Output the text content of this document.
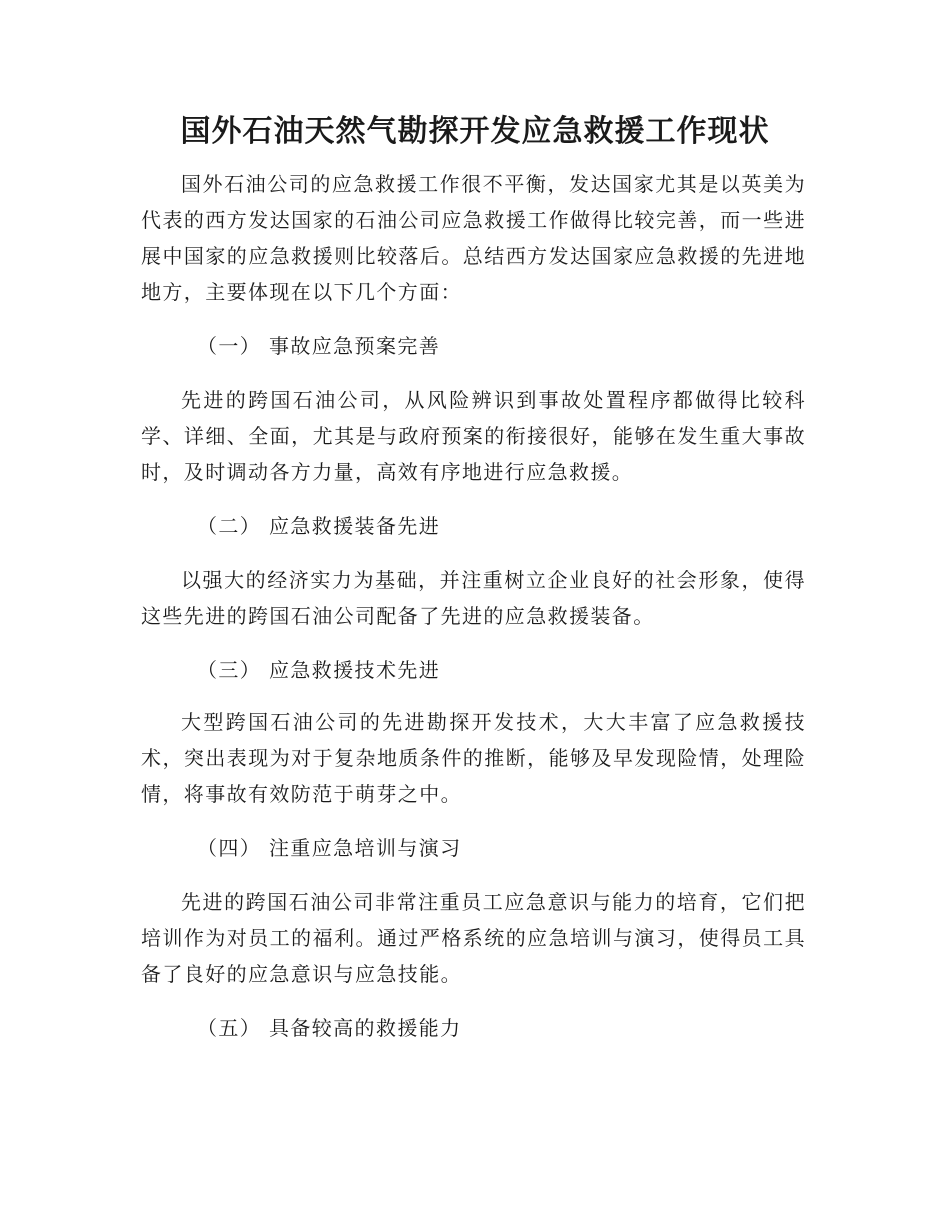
国外石油天然气勘探开发应急救援工作现状

国外石油公司的应急救援工作很不平衡，发达国家尤其是以英美为代表的西方发达国家的石油公司应急救援工作做得比较完善，而一些进展中国家的应急救援则比较落后。总结西方发达国家应急救援的先进地地方，主要体现在以下几个方面：

（一） 事故应急预案完善

先进的跨国石油公司，从风险辨识到事故处置程序都做得比较科学、详细、全面，尤其是与政府预案的衔接很好，能够在发生重大事故时，及时调动各方力量，高效有序地进行应急救援。

（二） 应急救援装备先进

以强大的经济实力为基础，并注重树立企业良好的社会形象，使得这些先进的跨国石油公司配备了先进的应急救援装备。

（三） 应急救援技术先进

大型跨国石油公司的先进勘探开发技术，大大丰富了应急救援技术，突出表现为对于复杂地质条件的推断，能够及早发现险情，处理险情，将事故有效防范于萌芽之中。

（四） 注重应急培训与演习

先进的跨国石油公司非常注重员工应急意识与能力的培育，它们把培训作为对员工的福利。通过严格系统的应急培训与演习，使得员工具备了良好的应急意识与应急技能。

（五） 具备较高的救援能力
